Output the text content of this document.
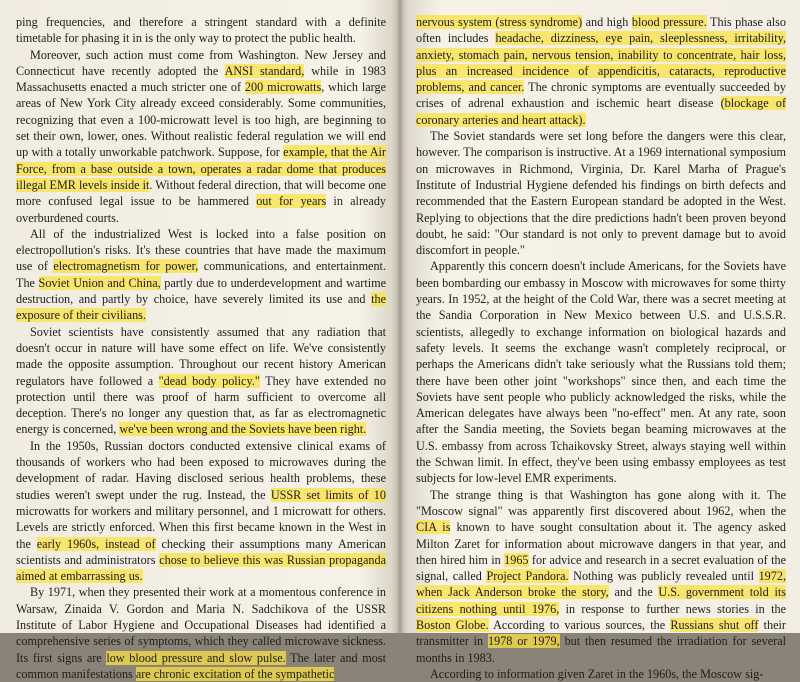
ping frequencies, and therefore a stringent standard with a definite timetable for phasing it in is the only way to protect the public health.

Moreover, such action must come from Washington. New Jersey and Connecticut have recently adopted the ANSI standard, while in 1983 Massachusetts enacted a much stricter one of 200 microwatts, which large areas of New York City already exceed considerably. Some communities, recognizing that even a 100-microwatt level is too high, are beginning to set their own, lower, ones. Without realistic federal regulation we will end up with a totally unworkable patchwork. Suppose, for example, that the Air Force, from a base outside a town, operates a radar dome that produces illegal EMR levels inside it. Without federal direction, that will become one more confused legal issue to be hammered out for years in already overburdened courts.

All of the industrialized West is locked into a false position on electropollution's risks. It's these countries that have made the maximum use of electromagnetism for power, communications, and entertainment. The Soviet Union and China, partly due to underdevelopment and wartime destruction, and partly by choice, have severely limited its use and the exposure of their civilians.

Soviet scientists have consistently assumed that any radiation that doesn't occur in nature will have some effect on life. We've consistently made the opposite assumption. Throughout our recent history American regulators have followed a "dead body policy." They have extended no protection until there was proof of harm sufficient to overcome all deception. There's no longer any question that, as far as electromagnetic energy is concerned, we've been wrong and the Soviets have been right.

In the 1950s, Russian doctors conducted extensive clinical exams of thousands of workers who had been exposed to microwaves during the development of radar. Having disclosed serious health problems, these studies weren't swept under the rug. Instead, the USSR set limits of 10 microwatts for workers and military personnel, and 1 microwatt for others. Levels are strictly enforced. When this first became known in the West in the early 1960s, instead of checking their assumptions many American scientists and administrators chose to believe this was Russian propaganda aimed at embarrassing us.

By 1971, when they presented their work at a momentous conference in Warsaw, Zinaida V. Gordon and Maria N. Sadchikova of the USSR Institute of Labor Hygiene and Occupational Diseases had identified a comprehensive series of symptoms, which they called microwave sickness. Its first signs are low blood pressure and slow pulse. The later and most common manifestations are chronic excitation of the sympathetic

nervous system (stress syndrome) and high blood pressure. This phase also often includes headache, dizziness, eye pain, sleeplessness, irritability, anxiety, stomach pain, nervous tension, inability to concentrate, hair loss, plus an increased incidence of appendicitis, cataracts, reproductive problems, and cancer. The chronic symptoms are eventually succeeded by crises of adrenal exhaustion and ischemic heart disease (blockage of coronary arteries and heart attack).

The Soviet standards were set long before the dangers were this clear, however. The comparison is instructive. At a 1969 international symposium on microwaves in Richmond, Virginia, Dr. Karel Marha of Prague's Institute of Industrial Hygiene defended his findings on birth defects and recommended that the Eastern European standard be adopted in the West. Replying to objections that the dire predictions hadn't been proven beyond doubt, he said: "Our standard is not only to prevent damage but to avoid discomfort in people."

Apparently this concern doesn't include Americans, for the Soviets have been bombarding our embassy in Moscow with microwaves for some thirty years. In 1952, at the height of the Cold War, there was a secret meeting at the Sandia Corporation in New Mexico between U.S. and U.S.S.R. scientists, allegedly to exchange information on biological hazards and safety levels. It seems the exchange wasn't completely reciprocal, or perhaps the Americans didn't take seriously what the Russians told them; there have been other joint "workshops" since then, and each time the Soviets have sent people who publicly acknowledged the risks, while the American delegates have always been "no-effect" men. At any rate, soon after the Sandia meeting, the Soviets began beaming microwaves at the U.S. embassy from across Tchaikovsky Street, always staying well within the Schwan limit. In effect, they've been using embassy employees as test subjects for low-level EMR experiments.

The strange thing is that Washington has gone along with it. The "Moscow signal" was apparently first discovered about 1962, when the CIA is known to have sought consultation about it. The agency asked Milton Zaret for information about microwave dangers in that year, and then hired him in 1965 for advice and research in a secret evaluation of the signal, called Project Pandora. Nothing was publicly revealed until 1972, when Jack Anderson broke the story, and the U.S. government told its citizens nothing until 1976, in response to further news stories in the Boston Globe. According to various sources, the Russians shut off their transmitter in 1978 or 1979, but then resumed the irradiation for several months in 1983.

According to information given Zaret in the 1960s, the Moscow sig-
